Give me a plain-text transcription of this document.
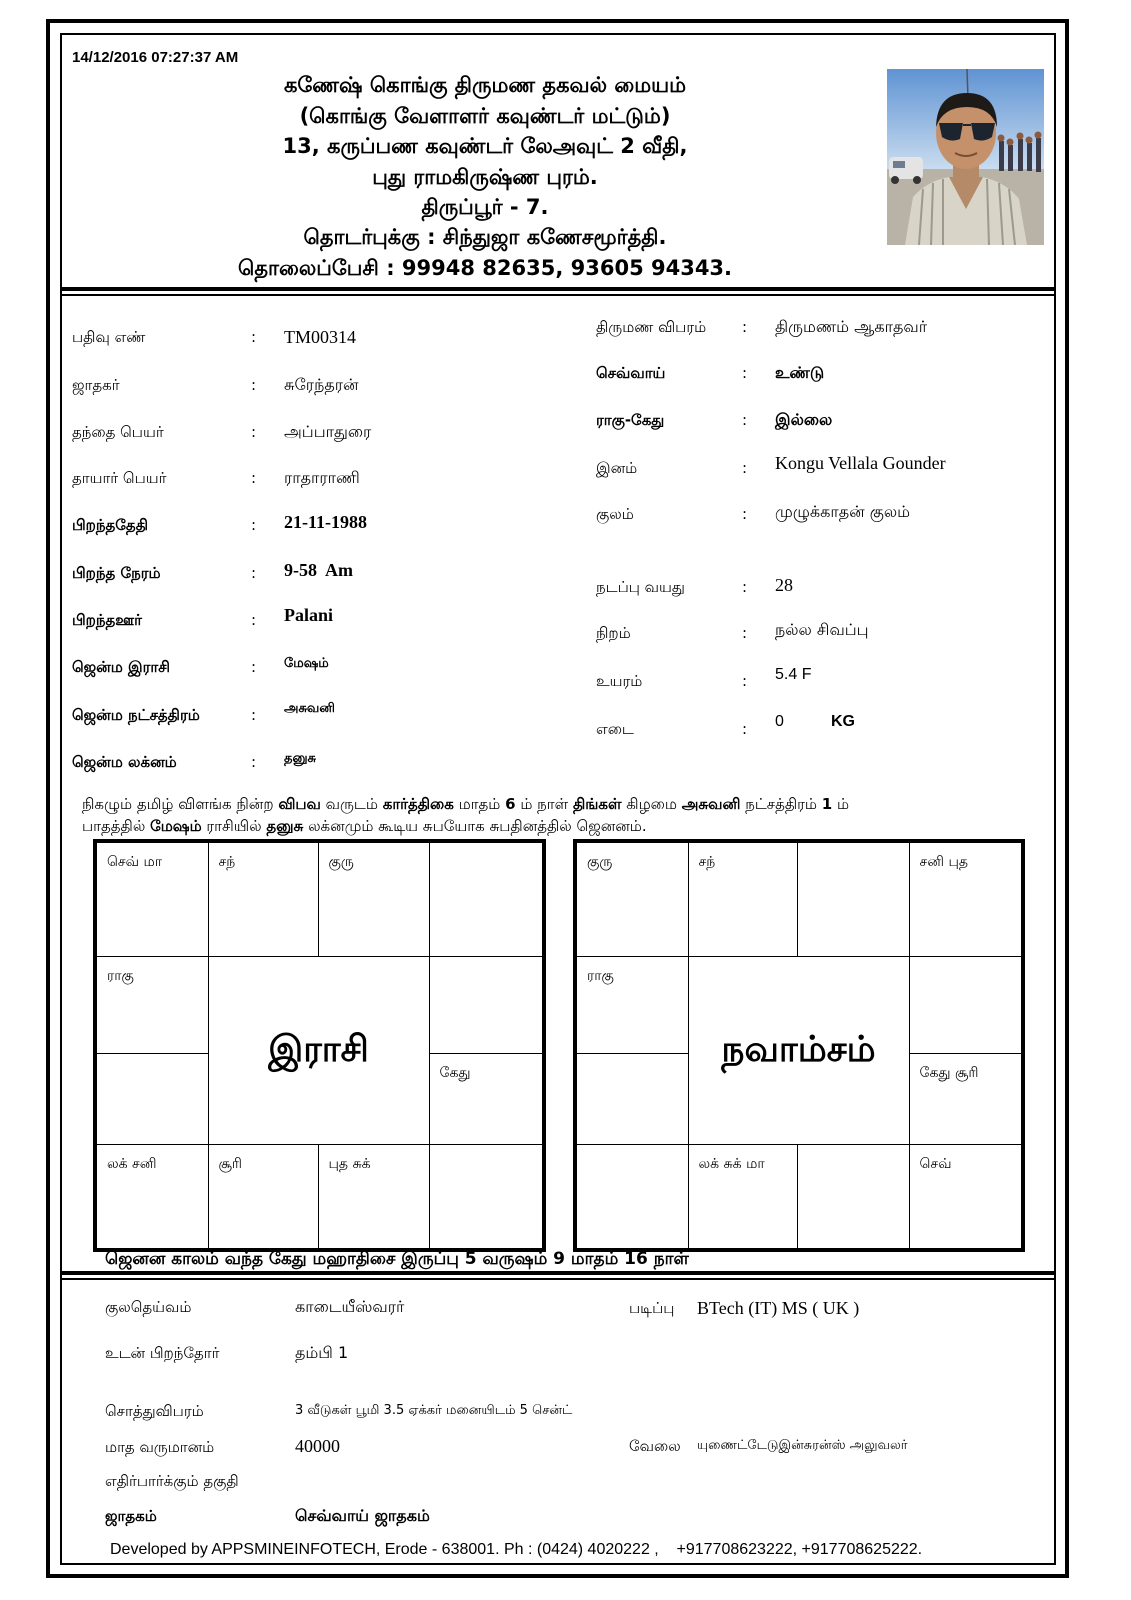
14/12/2016 07:27:37 AM
கணேஷ் கொங்கு திருமண தகவல் மையம்
(கொங்கு வேளாளர் கவுண்டர் மட்டும்)
13, கருப்பண கவுண்டர் லேஅவுட் 2 வீதி,
புது ராமகிருஷ்ண புரம்.
திருப்பூர் - 7.
தொடர்புக்கு : சிந்துஜா கணேசமூர்த்தி.
தொலைப்பேசி : 99948 82635, 93605 94343.
பதிவு எண்	: TM00314
ஜாதகர்	: சுரேந்தரன்
தந்தை பெயர்	: அப்பாதுரை
தாயார் பெயர்	: ராதாராணி
பிறந்ததேதி	: 21-11-1988
பிறந்த நேரம்	: 9-58  Am
பிறந்தஊர்	: Palani
ஜென்ம இராசி	: மேஷம்
ஜென்ம நட்சத்திரம்	: அசுவனி
ஜென்ம லக்னம்	: தனுசு
திருமண விபரம் : திருமணம் ஆகாதவர்
செவ்வாய்	: உண்டு
ராகு-கேது	: இல்லை
இனம்	: Kongu Vellala Gounder
குலம்	: முழுக்காதன் குலம்
நடப்பு வயது	: 28
நிறம்	: நல்ல சிவப்பு
உயரம்	: 5.4 F
எடை	: 0	KG
நிகழும் தமிழ் விளங்க நின்ற விபவ வருடம் கார்த்திகை மாதம் 6 ம் நாள் திங்கள் கிழமை அசுவனி நட்சத்திரம் 1 ம்
பாதத்தில் மேஷம் ராசியில் தனுசு லக்னமும் கூடிய சுபயோக சுபதினத்தில் ஜெனனம்.
செவ் மா	சந்	குரு	
ராகு	இராசி		
			கேது
லக் சனி	சூரி	புத சுக்	
குரு	சந்		சனி புத
ராகு	நவாம்சம்		
			கேது சூரி
	லக் சுக் மா		செவ்
ஜெனன காலம் வந்த கேது மஹாதிசை இருப்பு 5 வருஷம் 9 மாதம் 16 நாள்
குலதெய்வம்	காடையீஸ்வரர்	படிப்பு BTech (IT) MS ( UK )
உடன் பிறந்தோர்	தம்பி 1
சொத்துவிபரம்	3 வீடுகள் பூமி 3.5 ஏக்கர் மனையிடம் 5 சென்ட்
மாத வருமானம்	40000	வேலை யுணைட்டேடுஇன்சுரன்ஸ் அலுவலர்
எதிர்பார்க்கும் தகுதி
ஜாதகம்	செவ்வாய் ஜாதகம்
Developed by APPSMINEINFOTECH, Erode - 638001. Ph : (0424) 4020222 ,    +917708623222, +917708625222.
